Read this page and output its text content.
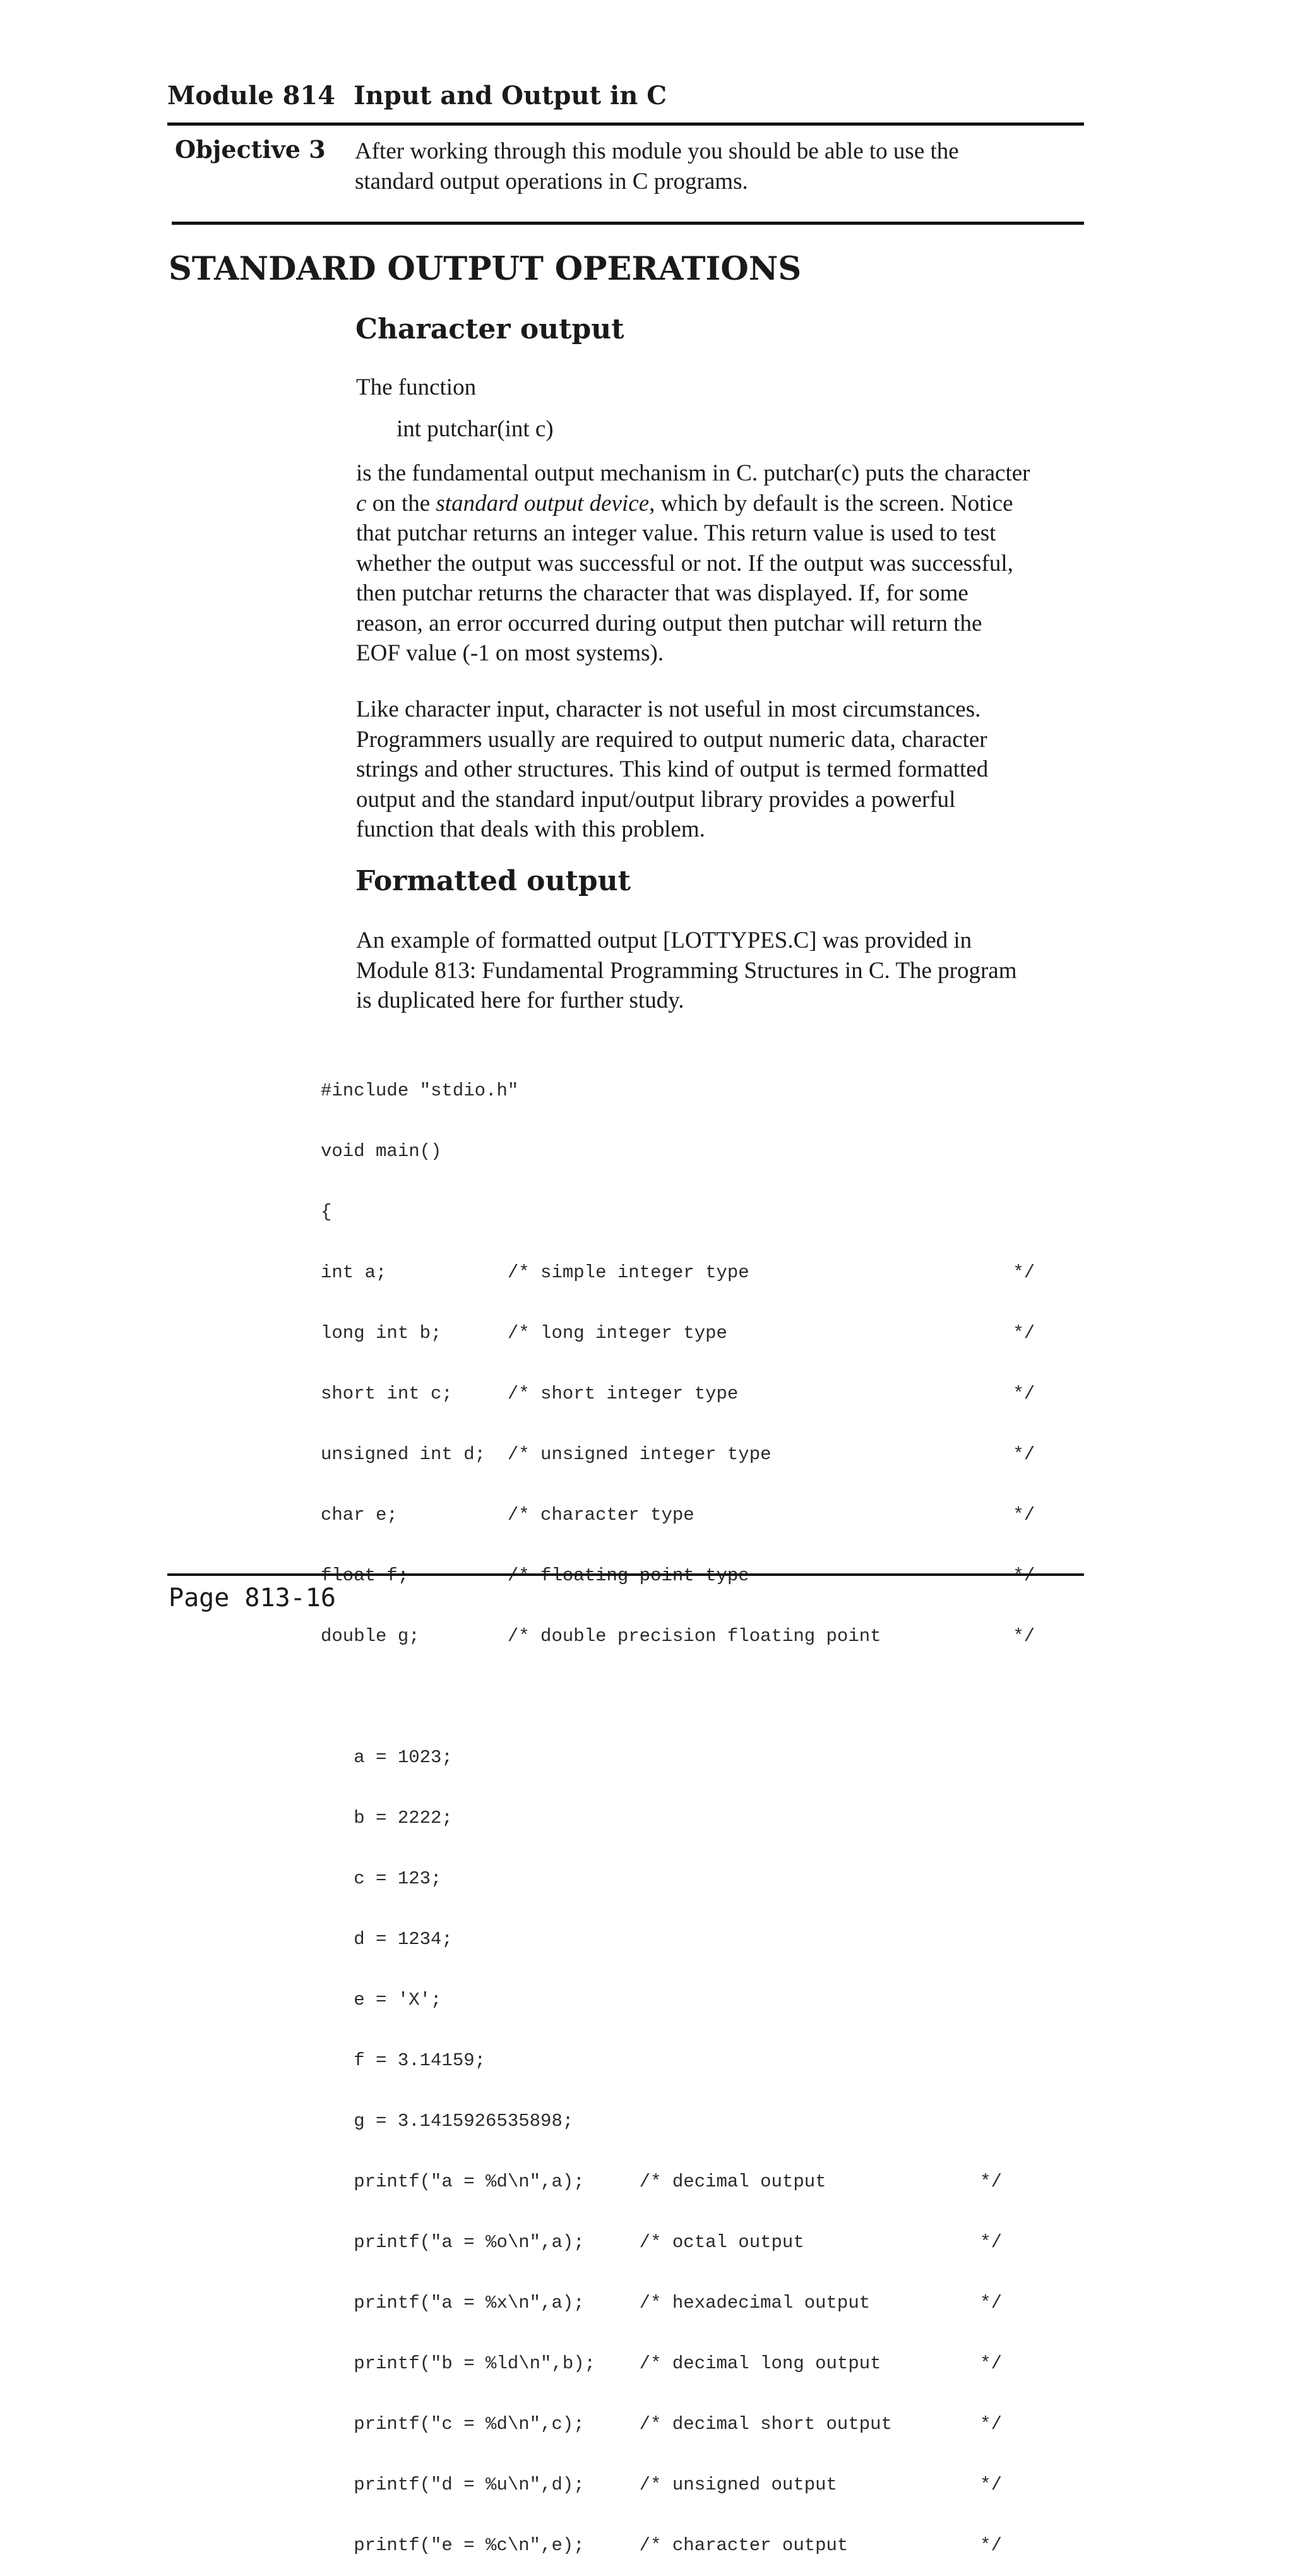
Module 814 Input and Output in C
Objective 3 After working through this module you should be able to use the
standard output operations in C programs.
STANDARD OUTPUT OPERATIONS
Character output
The function
int putchar(int c)

is the fundamental output mechanism in C. putchar(c) puts the character

c on the standard output device, which by default is the screen. Notice

that putchar returns an integer value. This return value is used to test

whether the output was successful or not. If the output was successful,

then putchar returns the character that was displayed. If, for some

reason, an error occurred during output then putchar will return the

EOF value (-1 on most systems).

Like character input, character is not useful in most circumstances.

Programmers usually are required to output numeric data, character

strings and other structures. This kind of output is termed formatted

output and the standard input/output library provides a powerful

function that deals with this problem.

Formatted output

An example of formatted output [LOTTYPES.C] was provided in

Module 813: Fundamental Programming Structures in C. The program

is duplicated here for further study.

#include "stdio.h"

void main()

{

int a;           /* simple integer type                        */

long int b;      /* long integer type                          */

short int c;     /* short integer type                         */

unsigned int d;  /* unsigned integer type                      */

char e;          /* character type                             */

double g;        /* double precision floating point            */

a = 1023;

b = 2222;

c = 123;

d = 1234;

e = 'X';

f = 3.14159;

g = 3.1415926535898;

printf("a = %d\n",a);     /* decimal output              */

printf("a = %o\n",a);     /* octal output                */

printf("a = %x\n",a);     /* hexadecimal output          */

printf("b = %ld\n",b);    /* decimal long output         */

printf("c = %d\n",c);     /* decimal short output        */

printf("d = %u\n",d);     /* unsigned output             */

printf("e = %c\n",e);     /* character output            */

Page 813-16
